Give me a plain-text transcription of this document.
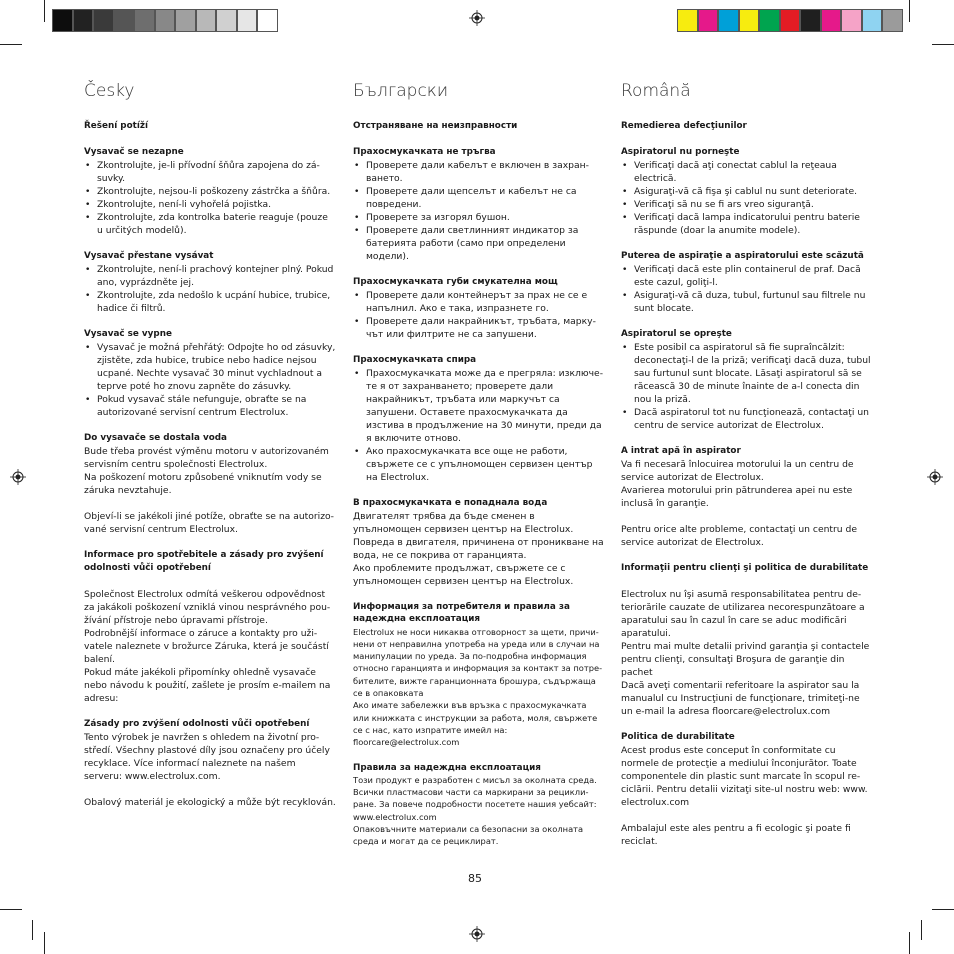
Česky
Řešení potíží
Vysavač se nezapne
• Zkontrolujte, je-li přívodní šňůra zapojena do zásuvky.
• Zkontrolujte, nejsou-li poškozeny zástrčka a šňůra.
• Zkontrolujte, není-li vyhořelá pojistka.
• Zkontrolujte, zda kontrolka baterie reaguje (pouze u určitých modelů).
Vysavač přestane vysávat
• Zkontrolujte, není-li prachový kontejner plný. Pokud ano, vyprázdněte jej.
• Zkontrolujte, zda nedošlo k ucpání hubice, trubice, hadice či filtrů.
Vysavač se vypne
• Vysavač je možná přehřátý: Odpojte ho od zásuvky, zjistěte, zda hubice, trubice nebo hadice nejsou ucpané. Nechte vysavač 30 minut vychladnout a teprve poté ho znovu zapněte do zásuvky.
• Pokud vysavač stále nefunguje, obraťte se na autorizované servisní centrum Electrolux.
Do vysavače se dostala voda

Bude třeba provést výměnu motoru v autorizovaném servisním centru společnosti Electrolux.

Na poškození motoru způsobené vniknutím vody se záruka nevztahuje.

Objeví-li se jakékoli jiné potíže, obraťte se na autorizované servisní centrum Electrolux.

Informace pro spotřebitele a zásady pro zvýšení odolnosti vůči opotřebení

Společnost Electrolux odmítá veškerou odpovědnost za jakákoli poškození vzniklá vinou nesprávného používání přístroje nebo úpravami přístroje.

Podrobnější informace o záruce a kontakty pro uživatele naleznete v brožurce Záruka, která je součástí balení.

Pokud máte jakékoli připomínky ohledně vysavače nebo návodu k použití, zašlete je prosím e-mailem na adresu:

Zásady pro zvýšení odolnosti vůči opotřebení

Tento výrobek je navržen s ohledem na životní prostředí. Všechny plastové díly jsou označeny pro účely recyklace. Více informací naleznete na našem serveru: www.electrolux.com.

Obalový materiál je ekologický a může být recyklován.

Български
Отстраняване на неизправности
Прахосмукачката не тръгва
• Проверете дали кабелът е включен в захранването.
• Проверете дали щепселът и кабелът не са повредени.
• Проверете за изгорял бушон.
• Проверете дали светлинният индикатор за батерията работи (само при определени модели).
Прахосмукачката губи смукателна мощ
• Проверете дали контейнерът за прах не се е напълнил. Ако е така, изпразнете го.
• Проверете дали накрайникът, тръбата, маркучът или филтрите не са запушени.
Прахосмукачката спира
• Прахосмукачката може да е прегряла: изключете я от захранването; проверете дали накрайникът, тръбата или маркучът са запушени. Оставете прахосмукачката да изстива в продължение на 30 минути, преди да я включите отново.
• Ако прахосмукачката все още не работи, свържете се с упълномощен сервизен център на Electrolux.
В прахосмукачката е попаднала вода

Двигателят трябва да бъде сменен в упълномощен сервизен център на Electrolux.

Повреда в двигателя, причинена от проникване на вода, не се покрива от гаранцията.

Ако проблемите продължат, свържете се с упълномощен сервизен център на Electrolux.

Информация за потребителя и правила за надеждна експлоатация

Electrolux не носи никаква отговорност за щети, причинени от неправилна употреба на уреда или в случаи на манипулации по уреда. За по-подробна информация относно гаранцията и информация за контакт за потребителите, вижте гаранционната брошура, съдържаща се в опаковката

Ако имате забележки във връзка с прахосмукачката или книжката с инструкции за работа, моля, свържете се с нас, като изпратите имейл на: floorcare@electrolux.com

Правила за надеждна експлоатация

Този продукт е разработен с мисъл за околната среда. Всички пластмасови части са маркирани за рециклиране. За повече подробности посетете нашия уебсайт: www.electrolux.com

Опаковъчните материали са безопасни за околната среда и могат да се рециклират.

Română
Remedierea defecţiunilor
Aspiratorul nu porneşte
• Verificaţi dacă aţi conectat cablul la reţeaua electrică.
• Asiguraţi-vă că fişa şi cablul nu sunt deteriorate.
• Verificaţi să nu se fi ars vreo siguranţă.
• Verificaţi dacă lampa indicatorului pentru baterie răspunde (doar la anumite modele).
Puterea de aspiraţie a aspiratorului este scăzută
• Verificaţi dacă este plin containerul de praf. Dacă este cazul, goliţi-l.
• Asiguraţi-vă că duza, tubul, furtunul sau filtrele nu sunt blocate.
Aspiratorul se opreşte
• Este posibil ca aspiratorul să fie supraîncălzit: deconectaţi-l de la priză; verificaţi dacă duza, tubul sau furtunul sunt blocate. Lăsaţi aspiratorul să se răcească 30 de minute înainte de a-l conecta din nou la priză.
• Dacă aspiratorul tot nu funcţionează, contactaţi un centru de service autorizat de Electrolux.
A intrat apă în aspirator

Va fi necesară înlocuirea motorului la un centru de service autorizat de Electrolux.

Avarierea motorului prin pătrunderea apei nu este inclusă în garanţie.

Pentru orice alte probleme, contactaţi un centru de service autorizat de Electrolux.

Informaţii pentru clienţi şi politica de durabilitate

Electrolux nu îşi asumă responsabilitatea pentru deteriorările cauzate de utilizarea necorespunzătoare a aparatului sau în cazul în care se aduc modificări aparatului.

Pentru mai multe detalii privind garanţia şi contactele pentru clienţi, consultaţi Broşura de garanţie din pachet

Dacă aveţi comentarii referitoare la aspirator sau la manualul cu Instrucţiuni de funcţionare, trimiteţi-ne un e-mail la adresa floorcare@electrolux.com

Politica de durabilitate

Acest produs este conceput în conformitate cu normele de protecţie a mediului înconjurător. Toate componentele din plastic sunt marcate în scopul reciclării. Pentru detalii vizitaţi site-ul nostru web: www. electrolux.com

Ambalajul este ales pentru a fi ecologic şi poate fi reciclat.

85
